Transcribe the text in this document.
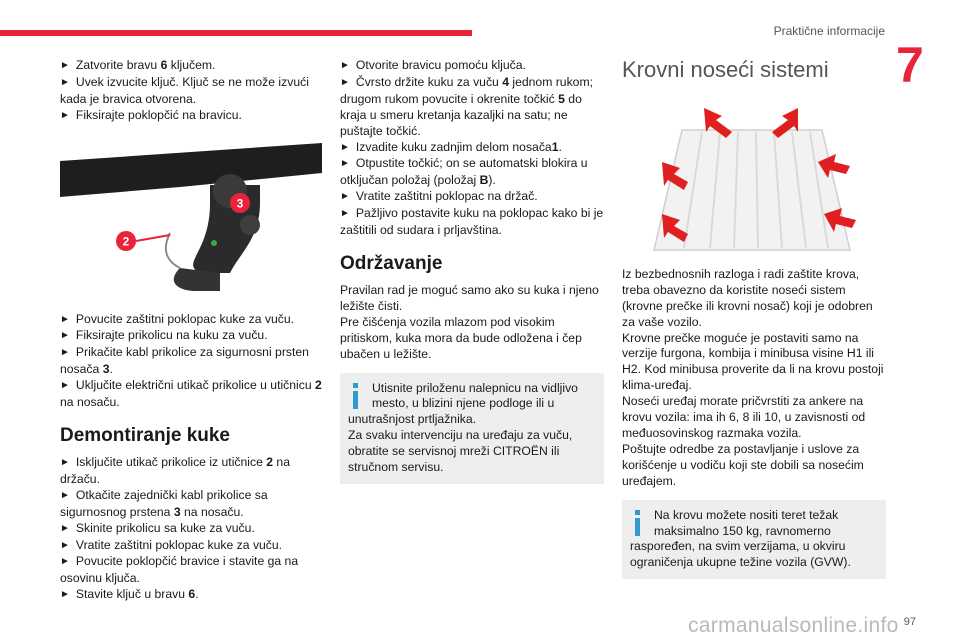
Praktične informacije
7

► Zatvorite bravu 6 ključem.

► Uvek izvucite ključ. Ključ se ne može izvući kada je bravica otvorena.

► Fiksirajte poklopčić na bravicu.

3
2

► Povucite zaštitni poklopac kuke za vuču.

► Fiksirajte prikolicu na kuku za vuču.

► Prikačite kabl prikolice za sigurnosni prsten nosača 3.

► Uključite električni utikač prikolice u utičnicu 2 na nosaču.

Demontiranje kuke

► Isključite utikač prikolice iz utičnice 2 na držaču.

► Otkačite zajednički kabl prikolice sa sigurnosnog prstena 3 na nosaču.

► Skinite prikolicu sa kuke za vuču.

► Vratite zaštitni poklopac kuke za vuču.

► Povucite poklopčić bravice i stavite ga na osovinu ključa.

► Stavite ključ u bravu 6.

► Otvorite bravicu pomoću ključa.

► Čvrsto držite kuku za vuču 4 jednom rukom; drugom rukom povucite i okrenite točkić 5 do kraja u smeru kretanja kazaljki na satu; ne puštajte točkić.

► Izvadite kuku zadnjim delom nosača1.

► Otpustite točkić; on se automatski blokira u otključan položaj (položaj B).

► Vratite zaštitni poklopac na držač.

► Pažljivo postavite kuku na poklopac kako bi je zaštitili od sudara i prljavština.

Održavanje

Pravilan rad je moguć samo ako su kuka i njeno ležište čisti.
Pre čišćenja vozila mlazom pod visokim pritiskom, kuka mora da bude odložena i čep ubačen u ležište.

Utisnite priloženu nalepnicu na vidljivo mesto, u blizini njene podloge ili u unutrašnjost prtljažnika.
Za svaku intervenciju na uređaju za vuču, obratite se servisnoj mreži CITROËN ili stručnom servisu.

Krovni noseći sistemi

Iz bezbednosnih razloga i radi zaštite krova, treba obavezno da koristite noseći sistem (krovne prečke ili krovni nosač) koji je odobren za vaše vozilo.
Krovne prečke moguće je postaviti samo na verzije furgona, kombija i minibusa visine H1 ili H2. Kod minibusa proverite da li na krovu postoji klima-uređaj.
Noseći uređaj morate pričvrstiti za ankere na krovu vozila: ima ih 6, 8 ili 10, u zavisnosti od međuosovinskog razmaka vozila.
Poštujte odredbe za postavljanje i uslove za korišćenje u vodiču koji ste dobili sa nosećim uređajem.

Na krovu možete nositi teret težak maksimalno 150 kg, ravnomerno raspoređen, na svim verzijama, u okviru ograničenja ukupne težine vozila (GVW).

97
carmanualsonline.info
